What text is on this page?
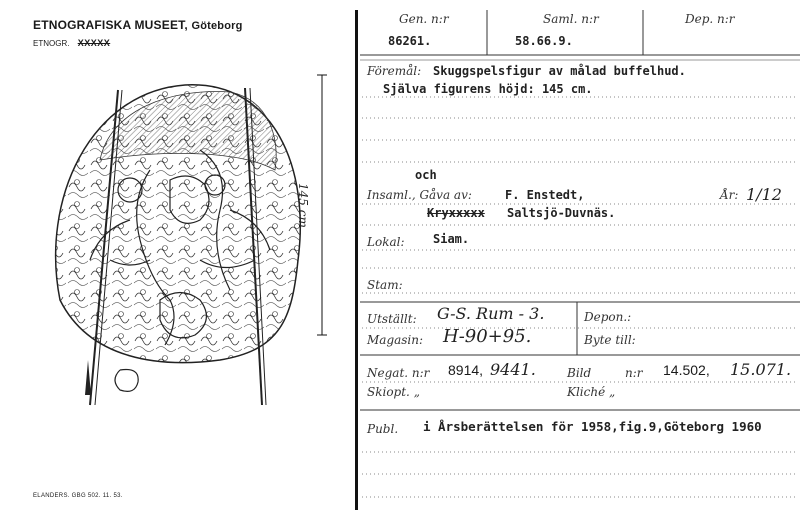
ETNOGRAFISKA MUSEET, Göteborg
ETNOGR. XXXXX
145 cm
ELANDERS. GBG 502. 11. 53.
Gen. n:r
86261.
Saml. n:r
58.66.9.
Dep. n:r
Föremål: Skuggspelsfigur av målad buffelhud.
Själva figurens höjd: 145 cm.
och
Insaml., Gåva av:	F. Enstedt,	År: 1/12
Kryxxxxx Saltsjö-Duvnäs.
Lokal: Siam.
Stam:
Utställt: G-S. Rum - 3.
Magasin: H-90+95.
Depon.:
Byte till:
Negat. n:r 8914, 9441.	Bild	n:r 14.502, 15.071.
Skiopt. „	Kliché „
Publ. i Årsberättelsen för 1958,fig.9,Göteborg 1960
